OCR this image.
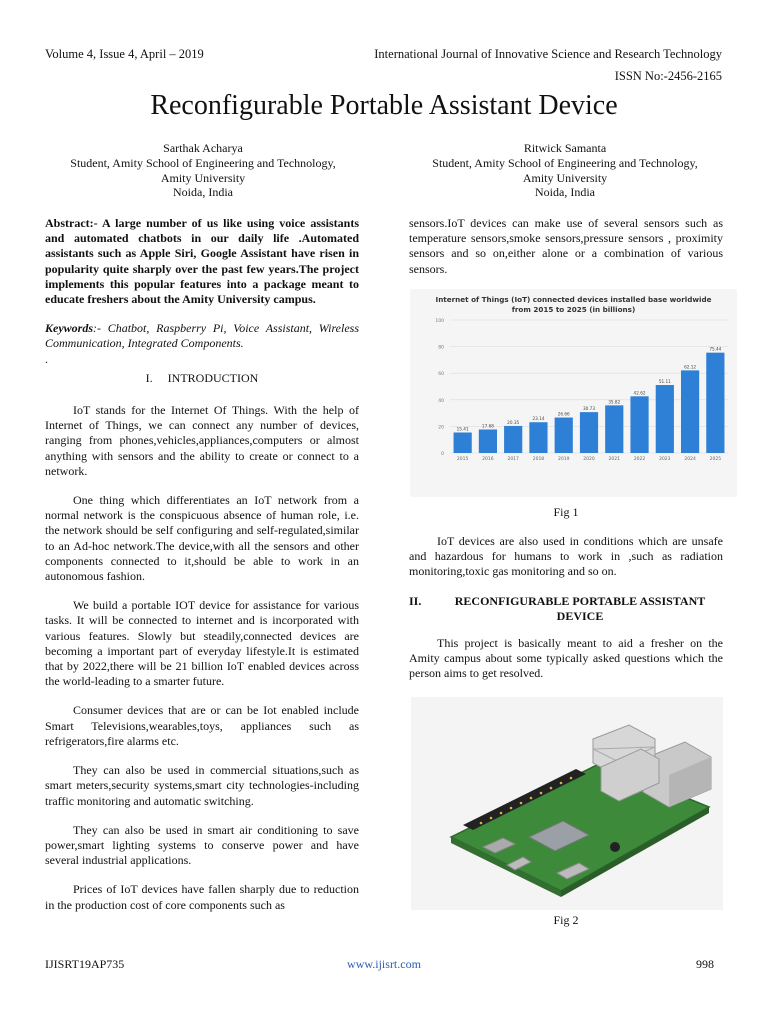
Volume 4, Issue 4, April – 2019	International Journal of Innovative Science and Research Technology
ISSN No:-2456-2165
Reconfigurable Portable Assistant Device
Sarthak Acharya
Student, Amity School of Engineering and Technology,
Amity University
Noida, India
Ritwick Samanta
Student, Amity School of Engineering and Technology,
Amity University
Noida, India

Abstract:- A large number of us like using voice assistants and automated chatbots in our daily life .Automated assistants such as Apple Siri, Google Assistant have risen in popularity quite sharply over the past few years.The project implements this popular features into a package meant to educate freshers about the Amity University campus.

Keywords:- Chatbot, Raspberry Pi, Voice Assistant, Wireless Communication, Integrated Components.

.

I. INTRODUCTION

IoT stands for the Internet Of Things. With the help of Internet of Things, we can connect any number of devices, ranging from phones,vehicles,appliances,computers or almost anything with sensors and the ability to create or connect to a network.

One thing which differentiates an IoT network from a normal network is the conspicuous absence of human role, i.e. the network should be self configuring and self-regulated,similar to an Ad-hoc network.The device,with all the sensors and other components connected to it,should be able to work in an autonomous fashion.

We build a portable IOT device for assistance for various tasks. It will be connected to internet and is incorporated with various features. Slowly but steadily,connected devices are becoming a important part of everyday lifestyle.It is estimated that by 2022,there will be 21 billion IoT enabled devices across the world-leading to a smarter future.

Consumer devices that are or can be Iot enabled include Smart Televisions,wearables,toys, appliances such as refrigerators,fire alarms etc.

They can also be used in commercial situations,such as smart meters,security systems,smart city technologies-including traffic monitoring and automatic switching.

They can also be used in smart air conditioning to save power,smart lighting systems to conserve power and have several industrial applications.

Prices of IoT devices have fallen sharply due to reduction in the production cost of core components such as

sensors.IoT devices can make use of several sensors such as temperature sensors,smoke sensors,pressure sensors , proximity sensors and so on,either alone or a combination of various sensors.

Internet of Things (IoT) connected devices installed base worldwide
from 2015 to 2025 (in billions)
0
20
40
60
80
100
15.41
2015
17.68
2016
20.35
2017
23.14
2018
26.66
2019
30.73
2020
35.82
2021
42.62
2022
51.11
2023
62.12
2024
75.44
2025
Fig 1

IoT devices are also used in conditions which are unsafe and hazardous for humans to work in ,such as radiation monitoring,toxic gas monitoring and so on.

II.	RECONFIGURABLE PORTABLE ASSISTANT DEVICE

This project is basically meant to aid a fresher on the Amity campus about some typically asked questions which the person aims to get resolved.

Fig 2
IJISRT19AP735	www.ijisrt.com	998
